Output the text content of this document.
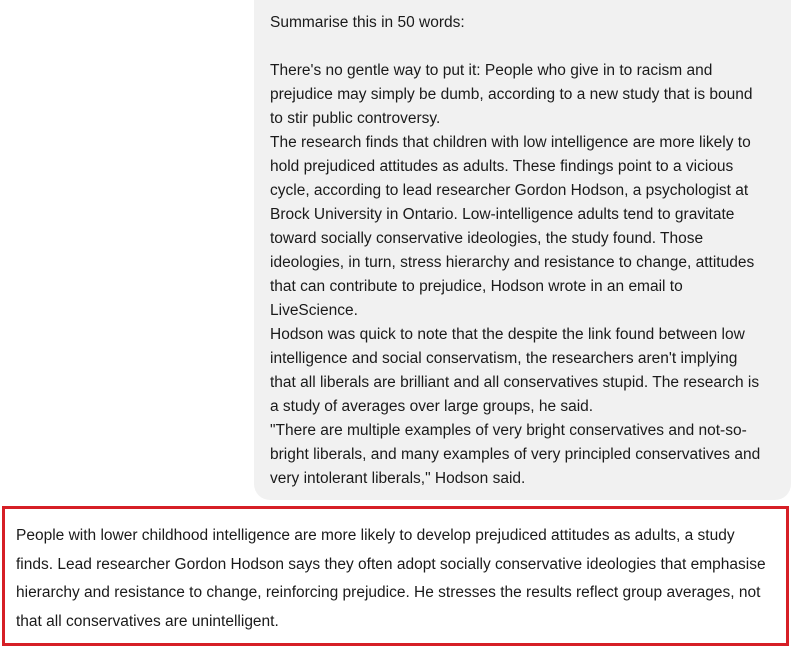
Summarise this in 50 words:

There's no gentle way to put it: People who give in to racism and

prejudice may simply be dumb, according to a new study that is bound

to stir public controversy.

The research finds that children with low intelligence are more likely to

hold prejudiced attitudes as adults. These findings point to a vicious

cycle, according to lead researcher Gordon Hodson, a psychologist at

Brock University in Ontario. Low-intelligence adults tend to gravitate

toward socially conservative ideologies, the study found. Those

ideologies, in turn, stress hierarchy and resistance to change, attitudes

that can contribute to prejudice, Hodson wrote in an email to

LiveScience.

Hodson was quick to note that the despite the link found between low

intelligence and social conservatism, the researchers aren't implying

that all liberals are brilliant and all conservatives stupid. The research is

a study of averages over large groups, he said.

"There are multiple examples of very bright conservatives and not-so-

bright liberals, and many examples of very principled conservatives and

very intolerant liberals," Hodson said.

People with lower childhood intelligence are more likely to develop prejudiced attitudes as adults, a study

finds. Lead researcher Gordon Hodson says they often adopt socially conservative ideologies that emphasise

hierarchy and resistance to change, reinforcing prejudice. He stresses the results reflect group averages, not

that all conservatives are unintelligent.
